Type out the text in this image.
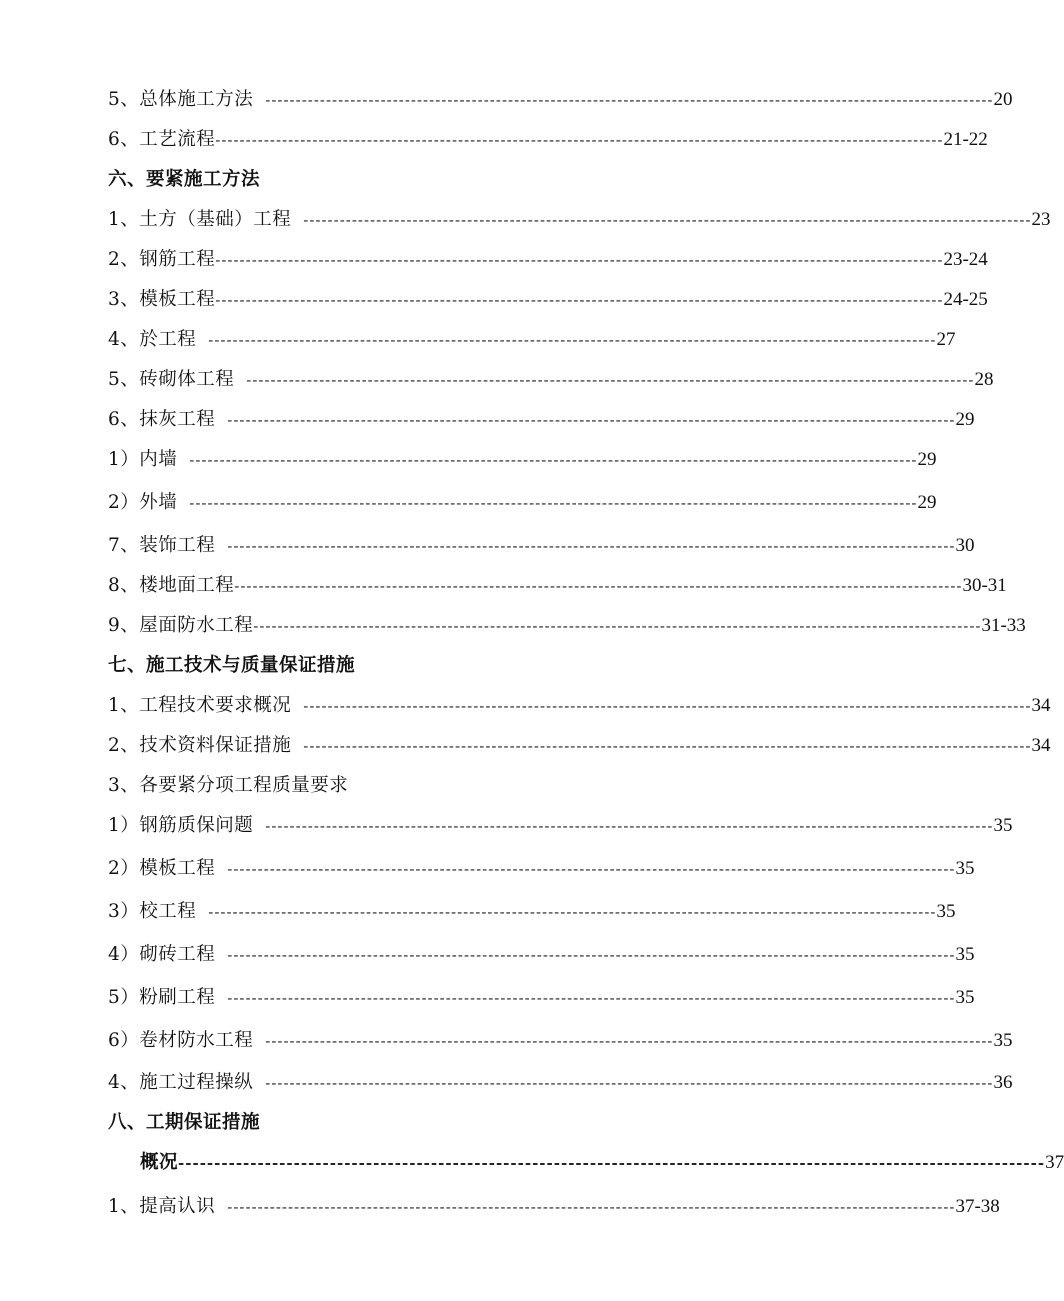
5、总体施工方法 ------------------------------------------------------------------------------------------------------------------------ 20
6、工艺流程 ------------------------------------------------------------------------------------------------------------------------ 21-22
六、要紧施工方法
1、土方（基础）工程 ------------------------------------------------------------------------------------------------------------------------ 23
2、钢筋工程 ------------------------------------------------------------------------------------------------------------------------ 23-24
3、模板工程 ------------------------------------------------------------------------------------------------------------------------ 24-25
4、於工程 ------------------------------------------------------------------------------------------------------------------------ 27
5、砖砌体工程 ------------------------------------------------------------------------------------------------------------------------ 28
6、抹灰工程 ------------------------------------------------------------------------------------------------------------------------ 29
1）内墙 ------------------------------------------------------------------------------------------------------------------------ 29
2）外墙 ------------------------------------------------------------------------------------------------------------------------ 29
7、装饰工程 ------------------------------------------------------------------------------------------------------------------------ 30
8、楼地面工程 ------------------------------------------------------------------------------------------------------------------------ 30-31
9、屋面防水工程 ------------------------------------------------------------------------------------------------------------------------ 31-33
七、施工技术与质量保证措施
1、工程技术要求概况 ------------------------------------------------------------------------------------------------------------------------ 34
2、技术资料保证措施 ------------------------------------------------------------------------------------------------------------------------ 34
3、各要紧分项工程质量要求
1）钢筋质保问题 ------------------------------------------------------------------------------------------------------------------------ 35
2）模板工程 ------------------------------------------------------------------------------------------------------------------------ 35
3）校工程 ------------------------------------------------------------------------------------------------------------------------ 35
4）砌砖工程 ------------------------------------------------------------------------------------------------------------------------ 35
5）粉刷工程 ------------------------------------------------------------------------------------------------------------------------ 35
6）卷材防水工程 ------------------------------------------------------------------------------------------------------------------------ 35
4、施工过程操纵 ------------------------------------------------------------------------------------------------------------------------ 36
八、工期保证措施
概况 ------------------------------------------------------------------------------------------------------------------------ 37
1、提高认识 ------------------------------------------------------------------------------------------------------------------------ 37-38
